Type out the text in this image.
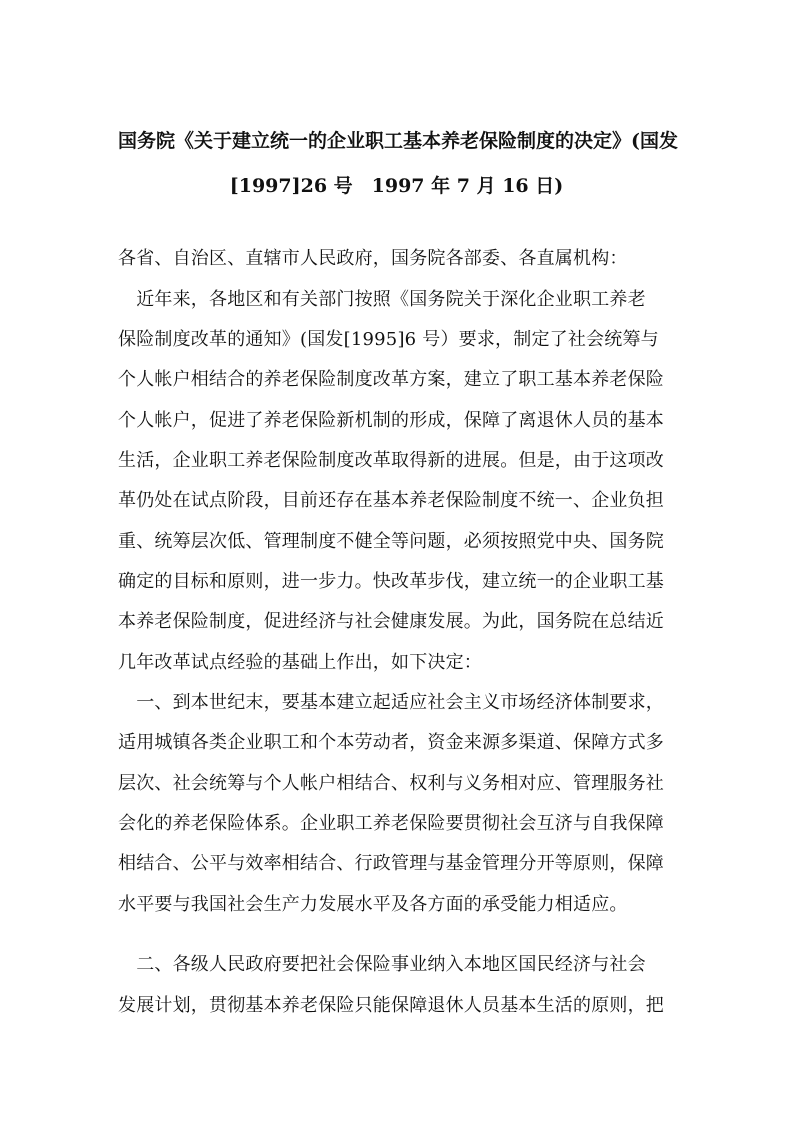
国务院《关于建立统一的企业职工基本养老保险制度的决定》(国发
[1997]26 号　1997 年 7 月 16 日)
各省、自治区、直辖市人民政府，国务院各部委、各直属机构：
　近年来，各地区和有关部门按照《国务院关于深化企业职工养老
保险制度改革的通知》(国发[1995]6 号）要求，制定了社会统筹与
个人帐户相结合的养老保险制度改革方案，建立了职工基本养老保险
个人帐户，促进了养老保险新机制的形成，保障了离退休人员的基本
生活，企业职工养老保险制度改革取得新的进展。但是，由于这项改
革仍处在试点阶段，目前还存在基本养老保险制度不统一、企业负担
重、统筹层次低、管理制度不健全等问题，必须按照党中央、国务院
确定的目标和原则，进一步力。快改革步伐，建立统一的企业职工基
本养老保险制度，促进经济与社会健康发展。为此，国务院在总结近
几年改革试点经验的基础上作出，如下决定：
　一、到本世纪末，要基本建立起适应社会主义市场经济体制要求，
适用城镇各类企业职工和个本劳动者，资金来源多渠道、保障方式多
层次、社会统筹与个人帐户相结合、权利与义务相对应、管理服务社
会化的养老保险体系。企业职工养老保险要贯彻社会互济与自我保障
相结合、公平与效率相结合、行政管理与基金管理分开等原则，保障
水平要与我国社会生产力发展水平及各方面的承受能力相适应。
　二、各级人民政府要把社会保险事业纳入本地区国民经济与社会
发展计划，贯彻基本养老保险只能保障退休人员基本生活的原则，把
